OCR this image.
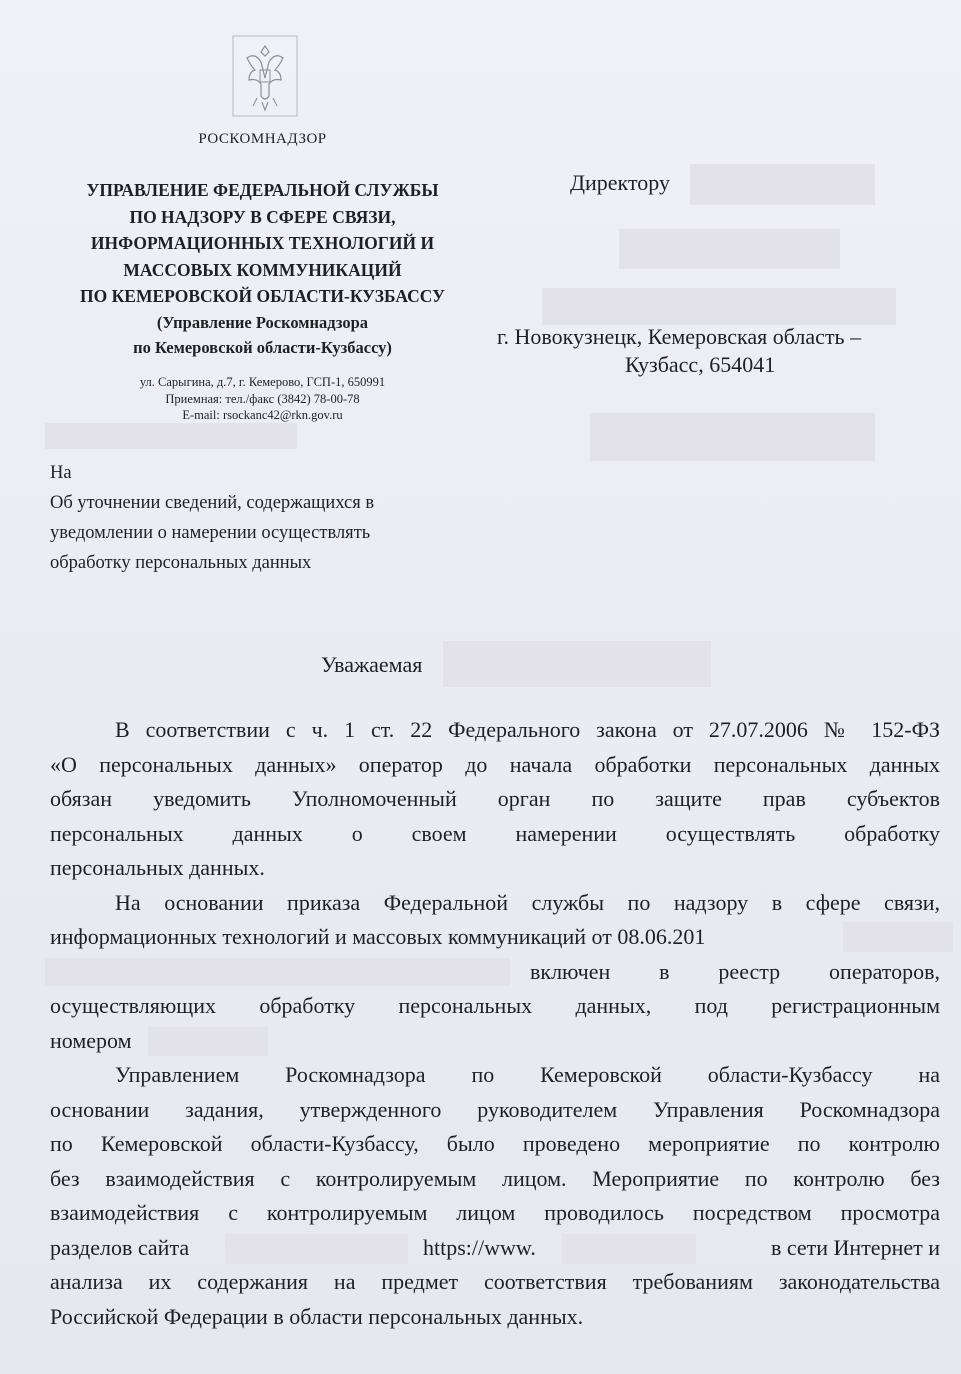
РОСКОМНАДЗОР
УПРАВЛЕНИЕ ФЕДЕРАЛЬНОЙ СЛУЖБЫ
ПО НАДЗОРУ В СФЕРЕ СВЯЗИ,
ИНФОРМАЦИОННЫХ ТЕХНОЛОГИЙ И
МАССОВЫХ КОММУНИКАЦИЙ
ПО КЕМЕРОВСКОЙ ОБЛАСТИ-КУЗБАССУ
(Управление Роскомнадзора
по Кемеровской области-Кузбассу)
ул. Сарыгина, д.7, г. Кемерово, ГСП-1, 650991
Приемная: тел./факс (3842) 78-00-78
E-mail: rsockanc42@rkn.gov.ru
Директору
г. Новокузнецк, Кемеровская область –
Кузбасс, 654041
На
Об уточнении сведений, содержащихся в
уведомлении о намерении осуществлять
обработку персональных данных
Уважаемая
В соответствии с ч. 1 ст. 22 Федерального закона от 27.07.2006 № 152-ФЗ
«О персональных данных» оператор до начала обработки персональных данных
обязан уведомить Уполномоченный орган по защите прав субъектов
персональных данных о своем намерении осуществлять обработку
персональных данных.
На основании приказа Федеральной службы по надзору в сфере связи,
информационных технологий и массовых коммуникаций от 08.06.201
включен в реестр операторов,
осуществляющих обработку персональных данных, под регистрационным
номером
Управлением Роскомнадзора по Кемеровской области-Кузбассу на
основании задания, утвержденного руководителем Управления Роскомнадзора
по Кемеровской области-Кузбассу, было проведено мероприятие по контролю
без взаимодействия с контролируемым лицом. Мероприятие по контролю без
взаимодействия с контролируемым лицом проводилось посредством просмотра
разделов сайта	https://www.	в сети Интернет и
анализа их содержания на предмет соответствия требованиям законодательства
Российской Федерации в области персональных данных.
